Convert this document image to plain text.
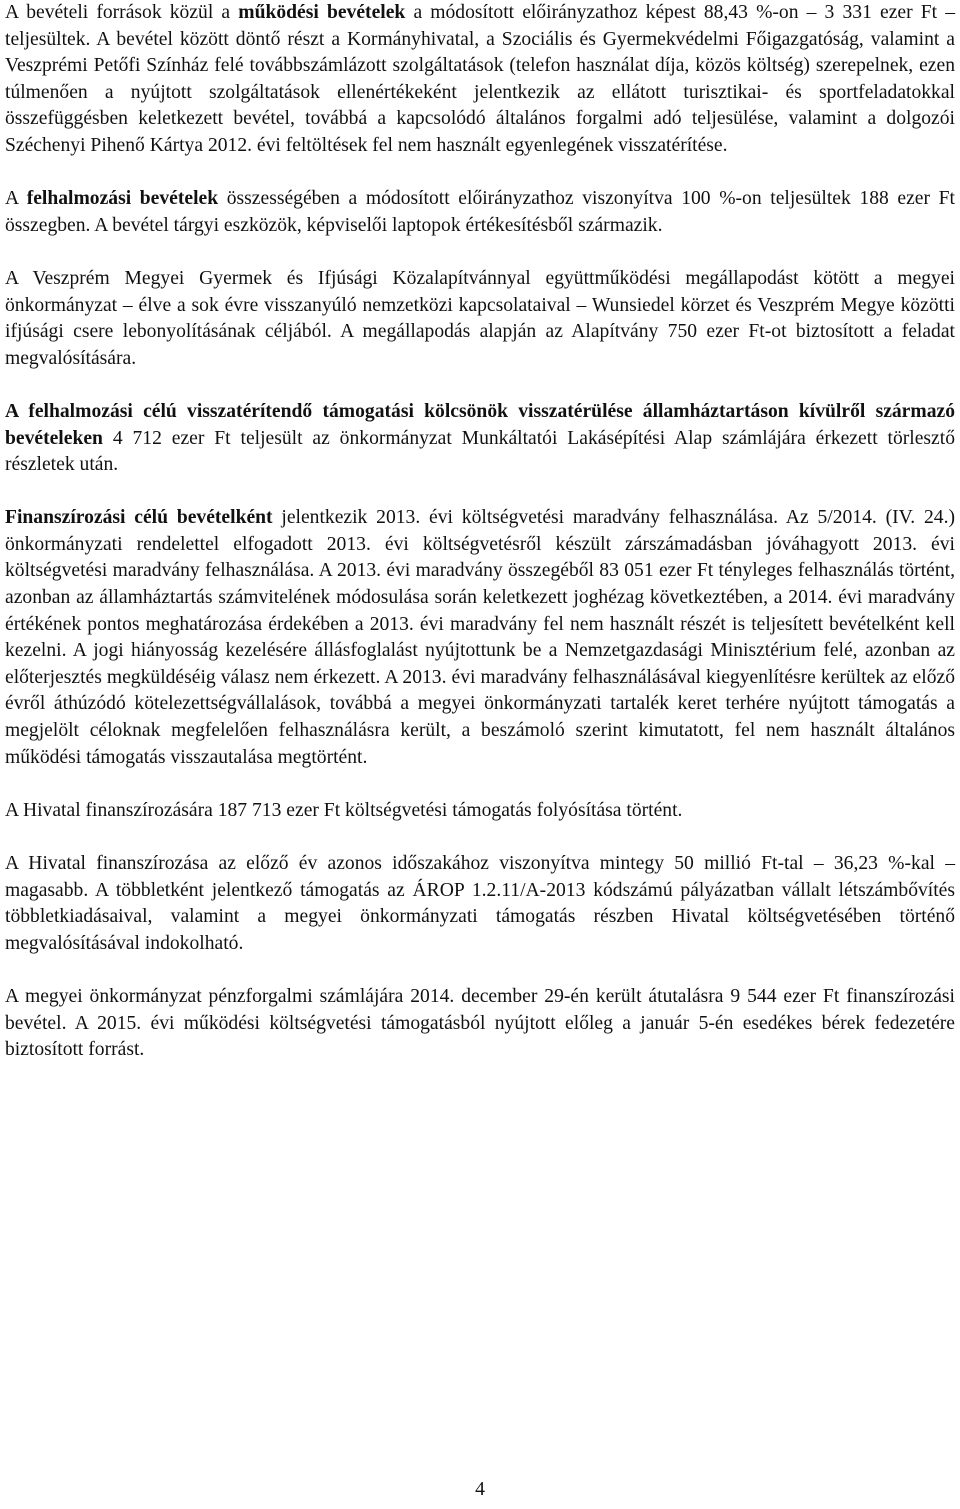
A bevételi források közül a működési bevételek a módosított előirányzathoz képest 88,43 %-on – 3 331 ezer Ft – teljesültek. A bevétel között döntő részt a Kormányhivatal, a Szociális és Gyermekvédelmi Főigazgatóság, valamint a Veszprémi Petőfi Színház felé továbbszámlázott szolgáltatások (telefon használat díja, közös költség) szerepelnek, ezen túlmenően a nyújtott szolgáltatások ellenértékeként jelentkezik az ellátott turisztikai- és sportfeladatokkal összefüggésben keletkezett bevétel, továbbá a kapcsolódó általános forgalmi adó teljesülése, valamint a dolgozói Széchenyi Pihenő Kártya 2012. évi feltöltések fel nem használt egyenlegének visszatérítése.

A felhalmozási bevételek összességében a módosított előirányzathoz viszonyítva 100 %-on teljesültek 188 ezer Ft összegben. A bevétel tárgyi eszközök, képviselői laptopok értékesítésből származik.

A Veszprém Megyei Gyermek és Ifjúsági Közalapítvánnyal együttműködési megállapodást kötött a megyei önkormányzat – élve a sok évre visszanyúló nemzetközi kapcsolataival – Wunsiedel körzet és Veszprém Megye közötti ifjúsági csere lebonyolításának céljából. A megállapodás alapján az Alapítvány 750 ezer Ft-ot biztosított a feladat megvalósítására.

A felhalmozási célú visszatérítendő támogatási kölcsönök visszatérülése államháztartáson kívülről származó bevételeken 4 712 ezer Ft teljesült az önkormányzat Munkáltatói Lakásépítési Alap számlájára érkezett törlesztő részletek után.

Finanszírozási célú bevételként jelentkezik 2013. évi költségvetési maradvány felhasználása. Az 5/2014. (IV. 24.) önkormányzati rendelettel elfogadott 2013. évi költségvetésről készült zárszámadásban jóváhagyott 2013. évi költségvetési maradvány felhasználása. A 2013. évi maradvány összegéből 83 051 ezer Ft tényleges felhasználás történt, azonban az államháztartás számvitelének módosulása során keletkezett joghézag következtében, a 2014. évi maradvány értékének pontos meghatározása érdekében a 2013. évi maradvány fel nem használt részét is teljesített bevételként kell kezelni. A jogi hiányosság kezelésére állásfoglalást nyújtottunk be a Nemzetgazdasági Minisztérium felé, azonban az előterjesztés megküldéséig válasz nem érkezett. A 2013. évi maradvány felhasználásával kiegyenlítésre kerültek az előző évről áthúzódó kötelezettségvállalások, továbbá a megyei önkormányzati tartalék keret terhére nyújtott támogatás a megjelölt céloknak megfelelően felhasználásra került, a beszámoló szerint kimutatott, fel nem használt általános működési támogatás visszautalása megtörtént.

A Hivatal finanszírozására 187 713 ezer Ft költségvetési támogatás folyósítása történt.

A Hivatal finanszírozása az előző év azonos időszakához viszonyítva mintegy 50 millió Ft-tal – 36,23 %-kal – magasabb. A többletként jelentkező támogatás az ÁROP 1.2.11/A-2013 kódszámú pályázatban vállalt létszámbővítés többletkiadásaival, valamint a megyei önkormányzati támogatás részben Hivatal költségvetésében történő megvalósításával indokolható.

A megyei önkormányzat pénzforgalmi számlájára 2014. december 29-én került átutalásra 9 544 ezer Ft finanszírozási bevétel. A 2015. évi működési költségvetési támogatásból nyújtott előleg a január 5-én esedékes bérek fedezetére biztosított forrást.

4
